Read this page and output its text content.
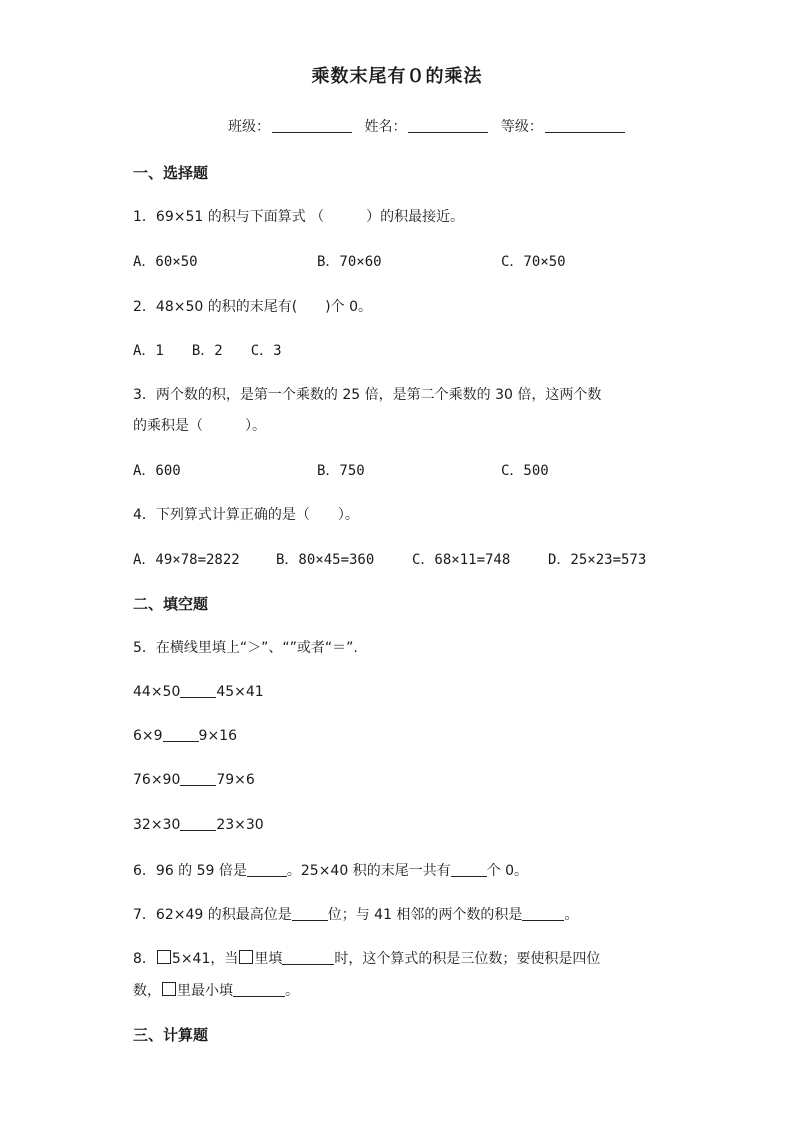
乘数末尾有０的乘法
班级：	姓名：	等级：
一、选择题
1．69×51 的积与下面算式 （　　　）的积最接近。
A．60×50	B．70×60	C．70×50
2．48×50 的积的末尾有(　　)个 0。
A．1　　B．2　　C．3
3．两个数的积，是第一个乘数的 25 倍，是第二个乘数的 30 倍，这两个数
的乘积是（　　　）。
A．600	B．750	C．500
4．下列算式计算正确的是（　　）。
A．49×78=2822	B．80×45=360	C．68×11=748	D．25×23=573
二、填空题
5．在横线里填上“＞”、“”或者“＝”.
44×50	45×41
6×9	9×16
76×90	79×6
32×30	23×30
6．96 的 59 倍是	。25×40 积的末尾一共有	个 0。
7．62×49 的积最高位是	位；与 41 相邻的两个数的积是	。
8． 5×41，当 里填	时，这个算式的积是三位数；要使积是四位
数， 里最小填	。
三、计算题
